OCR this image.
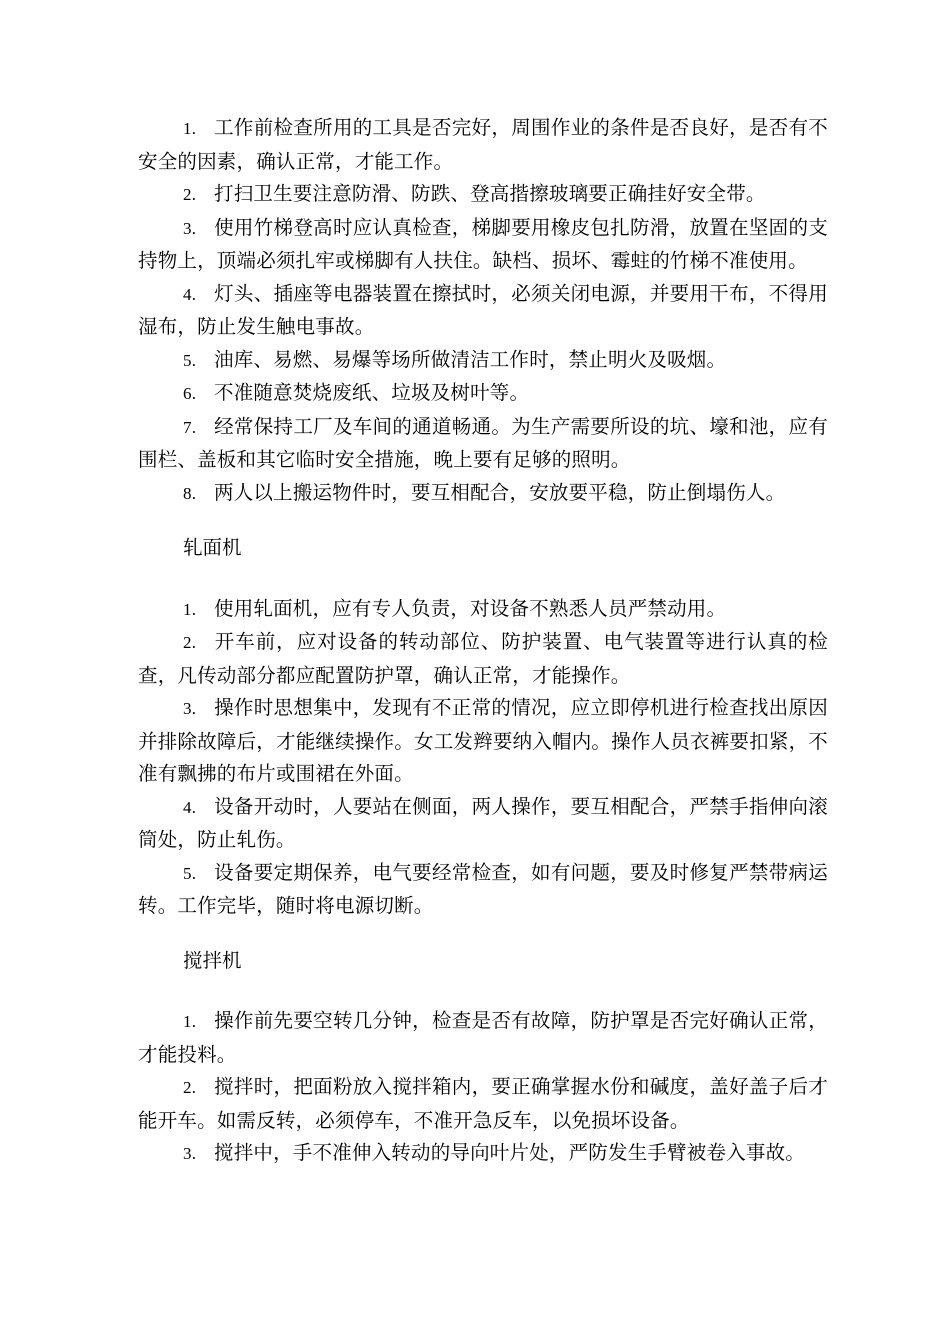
1. 工作前检查所用的工具是否完好，周围作业的条件是否良好，是否有不安全的因素，确认正常，才能工作。

2. 打扫卫生要注意防滑、防跌、登高揩擦玻璃要正确挂好安全带。

3. 使用竹梯登高时应认真检查，梯脚要用橡皮包扎防滑，放置在坚固的支持物上，顶端必须扎牢或梯脚有人扶住。缺档、损坏、霉蛀的竹梯不准使用。

4. 灯头、插座等电器装置在擦拭时，必须关闭电源，并要用干布，不得用湿布，防止发生触电事故。

5. 油库、易燃、易爆等场所做清洁工作时，禁止明火及吸烟。

6. 不准随意焚烧废纸、垃圾及树叶等。

7. 经常保持工厂及车间的通道畅通。为生产需要所设的坑、壕和池，应有围栏、盖板和其它临时安全措施，晚上要有足够的照明。

8. 两人以上搬运物件时，要互相配合，安放要平稳，防止倒塌伤人。

轧面机

1. 使用轧面机，应有专人负责，对设备不熟悉人员严禁动用。

2. 开车前，应对设备的转动部位、防护装置、电气装置等进行认真的检查，凡传动部分都应配置防护罩，确认正常，才能操作。

3. 操作时思想集中，发现有不正常的情况，应立即停机进行检查找出原因并排除故障后，才能继续操作。女工发辫要纳入帽内。操作人员衣裤要扣紧，不准有飘拂的布片或围裙在外面。

4. 设备开动时，人要站在侧面，两人操作，要互相配合，严禁手指伸向滚筒处，防止轧伤。

5. 设备要定期保养，电气要经常检查，如有问题，要及时修复严禁带病运转。工作完毕，随时将电源切断。

搅拌机

1. 操作前先要空转几分钟，检查是否有故障，防护罩是否完好确认正常，才能投料。

2. 搅拌时，把面粉放入搅拌箱内，要正确掌握水份和碱度，盖好盖子后才能开车。如需反转，必须停车，不准开急反车，以免损坏设备。

3. 搅拌中，手不准伸入转动的导向叶片处，严防发生手臂被卷入事故。
